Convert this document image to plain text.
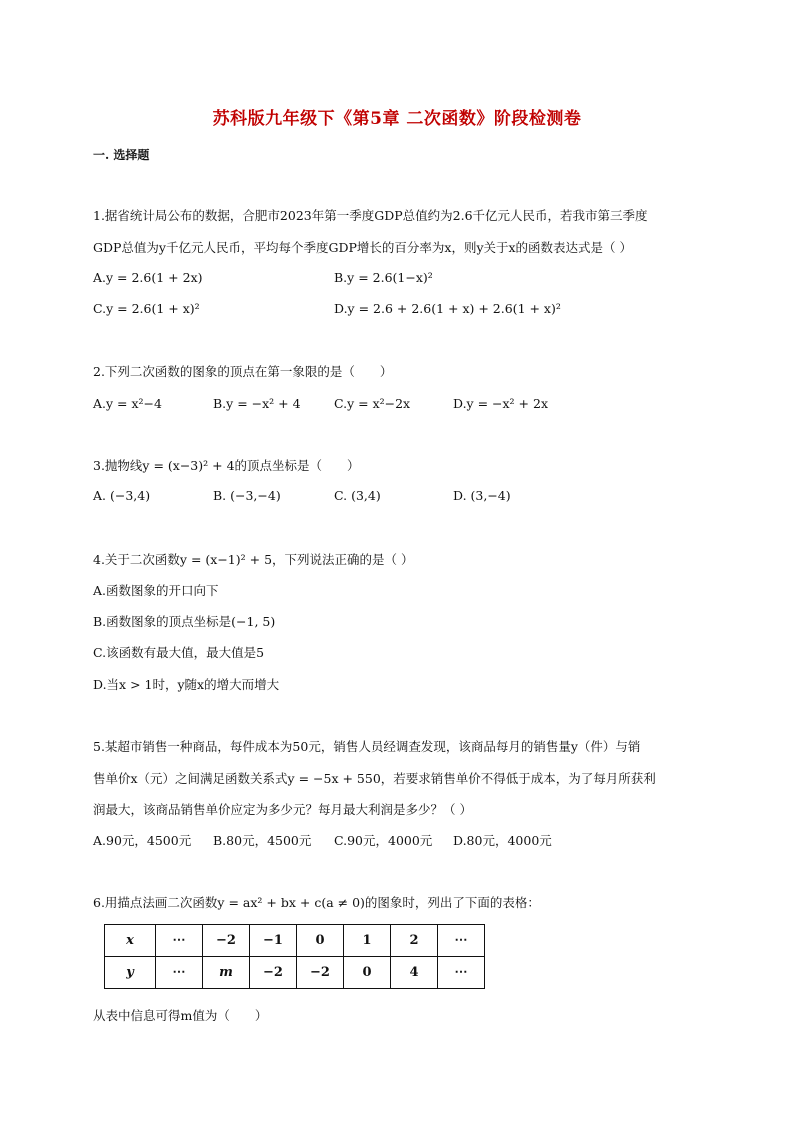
苏科版九年级下《第5章 二次函数》阶段检测卷
一. 选择题
1.据省统计局公布的数据，合肥市2023年第一季度GDP总值约为2.6千亿元人民币，若我市第三季度
GDP总值为y千亿元人民币，平均每个季度GDP增长的百分率为x，则y关于x的函数表达式是（ ）
A.y = 2.6(1 + 2x)	B.y = 2.6(1−x)²
C.y = 2.6(1 + x)²	D.y = 2.6 + 2.6(1 + x) + 2.6(1 + x)²
2.下列二次函数的图象的顶点在第一象限的是（　　）
A.y = x²−4	B.y = −x² + 4	C.y = x²−2x	D.y = −x² + 2x
3.抛物线y = (x−3)² + 4的顶点坐标是（　　）
A. (−3,4)	B. (−3,−4)	C. (3,4)	D. (3,−4)
4.关于二次函数y = (x−1)² + 5，下列说法正确的是（ ）
A.函数图象的开口向下
B.函数图象的顶点坐标是(−1, 5)
C.该函数有最大值，最大值是5
D.当x > 1时，y随x的增大而增大
5.某超市销售一种商品，每件成本为50元，销售人员经调查发现，该商品每月的销售量y（件）与销
售单价x（元）之间满足函数关系式y = −5x + 550，若要求销售单价不得低于成本，为了每月所获利
润最大，该商品销售单价应定为多少元？每月最大利润是多少？（ ）
A.90元，4500元 B.80元，4500元 C.90元，4000元 D.80元，4000元
6.用描点法画二次函数y = ax² + bx + c(a ≠ 0)的图象时，列出了下面的表格：
x	⋯	−2	−1	0	1	2	⋯
y	⋯	m	−2	−2	0	4	⋯
从表中信息可得m值为（　　）
